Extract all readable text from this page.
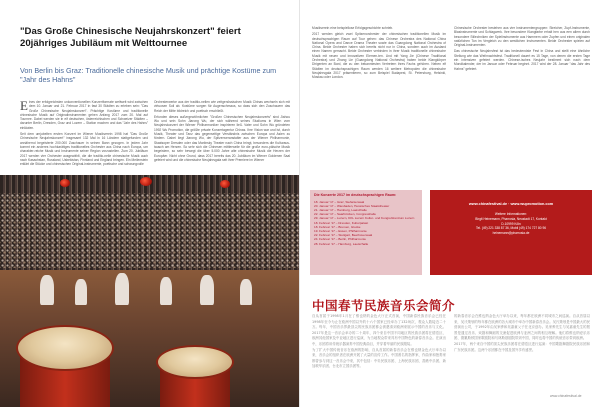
"Das Große Chinesische Neujahrskonzert" feiert 20jähriges Jubiläum mit Welttournee
Von Berlin bis Graz: Traditionelle chinesische Musik und prächtige Kostüme zum "Jahr des Hahns"
E ines der erfolgreichsten unkonventionellen Konzertformate weltweit wird zwischen dem 10. Januar und 21. Februar 2017 in fast 30 Städten zu erleben sein: "Das Große Chinesische Neujahrskonzert". Prächtige Kostüme und traditionelle chinesische Musik auf Originalinstrumenten gehen Anfang 2017 zum 20. Mal auf Tournee. Dabei werden sie in elf deutschen, österreichischen und Schweizer Städten – darunter Berlin, Dresden, Graz und Luzern – Station machen und das "Jahr des Hahns" einläuten.
Seit dem umjubelten ersten Konzert im Wiener Musikverein 1998 hat "Das Große Chinesische Neujahrskonzert" insgesamt 132 Mal in 16 Ländern stattgefunden und annähernd begeisterte 200.000 Zuschauer in seinen Bann gezogen. In jedem Jahr kommt ein anderes hochkarätiges traditionelles Orchester aus China nach Europa, um charakter-reiche Musik und Instrumente seiner Region vorzustellen. Zum 20. Jubiläum 2017 werden vier Orchester ausgewählt, die die traditio-nelle chinesische Musik auch nach Kasachstan, Russland, Usbekistan, Finnland und England bringen. Ein Meilenstein erklärt die Stücke und chinesischen Original-instrumente, poetische und schwungvolle
Orchesterwerke aus der traditio-nellen wie zeitgenössischen Musik Chinas wechseln sich mit virtuosen Soli ab. Kostüme sorgen für Augenschmaus, so dass sich den Zuschauern das Reich der Mitte bildreich und poetisch erschließt.
Erfunden dieses außergewöhnlichen "Großen Chinesischen Neujahrskonzerts" sind Jiahou Wu und sein Sohn Jiarong Wu, der sich während seines Studiums in Wien vom Neujahrskonzert der Wiener Philharmoniker inspirieren ließ. Vater und Sohn Wu gründeten 1992 Wu Promotion, die größte private Konzertagentur Chinas. Ihre Vision war und ist, durch Musik, Theater und Tanz das gegenseitige Verständnis zwischen Europa und Asien zu fördern. Dabei liegt Jiarong Wu, der Spitzenveranstalter aus der Wiener Philharmonie, Staatsoper Dresden oder das Mariinsky Theater nach China bringt, besonders die Kulturaus-tausch am Herzen. So sehr sich die Chinesen mittlerweile für die große euro-päische Musik begeistern, so sehr bewegt die über 5.000 Jahre alte chinesische Musik die Herzen der Europäer. Nicht ohne Grund, dass 2017 bereits das 20. Jubiläum im Wiener Goldenen Saal gefeiert wird und die chinesische Neujahrsgala seit ihrer Premiere im Wiener
Musikverein eine beispiellose Erfolgsgeschichte schrieb.
2017 werden gleich zwei Spitzenorchester der chinesischen traditionellen Musik im deutschsprachigen Raum auf Tour gehen: das Chinese Orchestra des National China National Opera and Dance Drama Theater sowie das Guangdong National Orchestra of China. Beide Orchester haben sich bereits nicht nur in China, sondern auch im Ausland einen Namen gemacht. Beide Orchester verbinden in ihrer Musik traditionelle chinesische Musik mit neuen und innovativen Elemen-ten. Und mit Yang Jie (Chinese Traditional Orchestra) und Zhang Lie (Guangdong National Orchestra) haben beide Klangkörper Dirigenten an Bord, die zu den bekanntesten Vertretern ihres Fachs gehören. Neben elf Städten im deutschsprachigen Raum werden 16 weitere Metropolen die chinesische Neujahrsgala 2017 präsentieren, so zum Beispiel Budapest, St. Petersburg, Helsinki, Moskau oder London.
Chinesische Orchester bestehen aus vier Instrumentengruppen: Streicher, Zupf-Instrumente, Blasinstrumente und Schlagwerk. Ihre besondere Klangfarbe erhalt hen aus een allem durch besondere Stilechniken der Spielinstrumente aus Hammern oder Zupfen und einen originalen natürlichen Ton im Vergleich zu den westlichen Instrumenten. Beide Orchester spielen auf Original-Instrumenten.
Das chinesische Neujahrsfest ist das bedeutendste Fest in China und stellt eine ähnliche Stellung wie das Weihnachtsfest. Traditionell dauert es 15 Tage, von denen die ersten Tage ein intensiven gefeiert werden. Chinese-isches Neujahr bestimmt sich nach dem Mondkalender, der im Januar oder Februar beginnt. 2017 wird der 28. Januar "das Jahr des Hahns" gefeiert.
Die Konzerte 2017 im deutschsprachigen Raum:
18. Januar '17 – Graz, Stefaniensaal
20. Januar '17 – Wiesbaden, Hessisches Staatstheater
21. Januar '17 – Hamburg, Laeiszhalle
22. Januar '17 – Saarbrücken, Congresshalle
29. Januar '17 – Luzern, KKL Luzern Kultur- und Kongreßzentrum Luzern
18. Februar '17 – Dresden, Kulturpalast
18. Februar '17 – Bremen, Glocke
19. Februar '17 – Essen, Philharmonie
22. Februar '17 – Stuttgart, Beethovensaal
24. Februar '17 – Berlin, Philharmonie
28. Februar '17 – Hamburg, Laeiszhalle
www.chinafestival.de · www.wupromotion.com
Weitere Informationen:
Birgit Heinemann, Pharrosia, Neustadt 17, Kontakt
D-10999 Köln
Tel. (49) 221 338 87 36, Mobil (49) 174 727 80 96
heinemann@pharrosia.de
中国春节民族音乐会简介
自从首届于1998年1月在了维也纳的金色大厅正式首演，中国新春民族音乐会已经在1998年至今为止在欧洲中国以外的十六个国家已经举办了132场次，观众人数接近二十万。每年，中国音乐界最顶尖的民族乐团都会被邀请到欧洲来展示中国的音乐与文化。2017年是这一音乐会举办的二十周年，四个来自中国不同地区的民族乐团将在德语区、欧洲其他国家及中亚地区进行巡演，为当地观众带来具有中国特色的新春音乐会。在演出中，乐团将用传统乐器演奏中国经典曲目，并穿着华丽的民族服装。
为了扩大中国传统音乐在欧洲的影响，自从首届的新春音乐会在维也纳金色大厅举办以来，音乐会的组织者在欧洲开展了大量的宣传工作。中国著名的指挥家、作曲家和独奏家都曾参与到这一音乐会中来，其中包括：中央民族乐团、上海民族乐团、香港中乐团、新加坡华乐团、台北市立国乐团等。
的新春音乐会在维也纳金色大厅举办以来，每年都在欧洲不同城市之间巡演。自从首届以来，吴氏策划的每年都在欧洲的各大城市中举办中国新春音乐会。吴氏策划是中国最大的民营演出公司，于1992年由吴家骅和吴嘉童父子在北京创办。吴家骅先生与吴嘉童先生的愿景是通过音乐、戏剧和舞蹈的交流促进欧洲与亚洲之间的相互理解。他们将维也纳爱乐乐团、德累斯顿国家歌剧院和马林斯基剧院带到中国，同时也将中国的传统音乐带到欧洲。
2017年，两个来自中国的顶尖民族乐团将在德语区进行巡演：中国歌剧舞剧院民族乐团和广东民族乐团。这两个乐团都在中国及国外享有盛誉。
www.chinafestival.de
